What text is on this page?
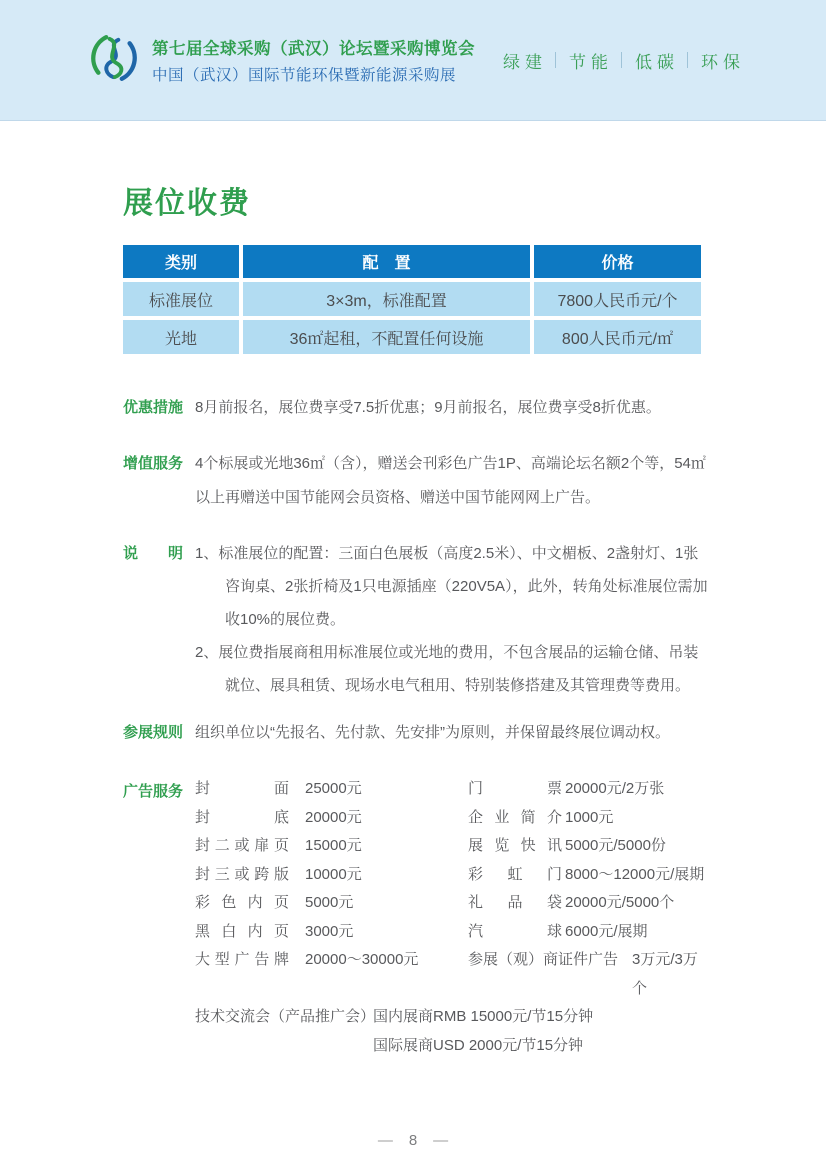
第七届全球采购（武汉）论坛暨采购博览会
中国（武汉）国际节能环保暨新能源采购展
绿建 节能 低碳 环保
展位收费
类别	配　置	价格
标准展位	3×3m，标准配置	7800人民币元/个
光地	36㎡起租，不配置任何设施	800人民币元/㎡
优惠措施 8月前报名，展位费享受7.5折优惠；9月前报名，展位费享受8折优惠。
增值服务 4个标展或光地36㎡（含），赠送会刊彩色广告1P、高端论坛名额2个等，54㎡以上再赠送中国节能网会员资格、赠送中国节能网网上广告。
说明 1、标准展位的配置：三面白色展板（高度2.5米）、中文楣板、2盏射灯、1张咨询桌、2张折椅及1只电源插座（220V5A），此外，转角处标准展位需加收10%的展位费。
2、展位费指展商租用标准展位或光地的费用，不包含展品的运输仓储、吊装就位、展具租赁、现场水电气租用、特别装修搭建及其管理费等费用。
参展规则 组织单位以“先报名、先付款、先安排”为原则，并保留最终展位调动权。
广告服务 封面 25000元	门票 20000元/2万张
封底 20000元	企业简介 1000元
封二或扉页 15000元	展览快讯 5000元/5000份
封三或跨版 10000元	彩虹门 8000～12000元/展期
彩色内页 5000元	礼品袋 20000元/5000个
黑白内页 3000元	汽球 6000元/展期
大型广告牌 20000～30000元	参展（观）商证件广告 3万元/3万个
技术交流会（产品推广会）
国内展商RMB 15000元/节15分钟
国际展商USD 2000元/节15分钟
— 8 —
